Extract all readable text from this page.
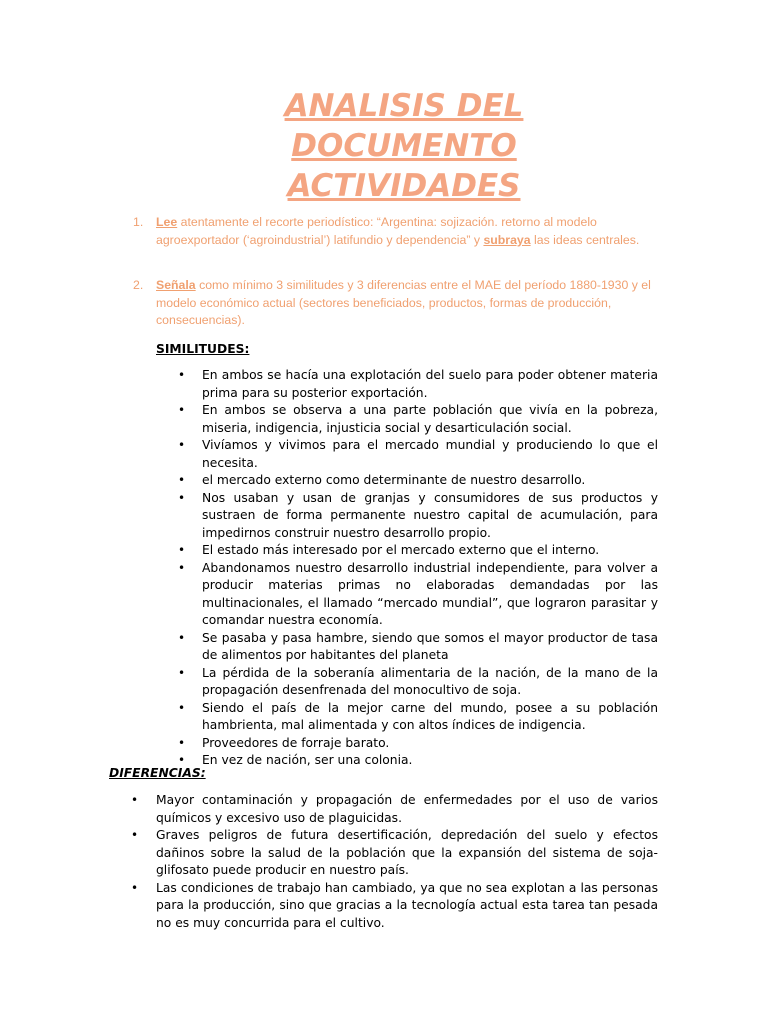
ANALISIS DEL
DOCUMENTO
ACTIVIDADES
1.	Lee atentamente el recorte periodístico: “Argentina: sojización. retorno al modelo agroexportador (‘agroindustrial’) latifundio y dependencia” y subraya las ideas centrales.
2.	Señala como mínimo 3 similitudes y 3 diferencias entre el MAE del período 1880-1930 y el modelo económico actual (sectores beneficiados, productos, formas de producción, consecuencias).
SIMILITUDES:
• En ambos se hacía una explotación del suelo para poder obtener materia prima para su posterior exportación.
• En ambos se observa a una parte población que vivía en la pobreza, miseria, indigencia, injusticia social y desarticulación social.
• Vivíamos y vivimos para el mercado mundial y produciendo lo que el necesita.
• el mercado externo como determinante de nuestro desarrollo.
• Nos usaban y usan de granjas y consumidores de sus productos y sustraen de forma permanente nuestro capital de acumulación, para impedirnos construir nuestro desarrollo propio.
• El estado más interesado por el mercado externo que el interno.
• Abandonamos nuestro desarrollo industrial independiente, para volver a producir materias primas no elaboradas demandadas por las multinacionales, el llamado “mercado mundial”, que lograron parasitar y comandar nuestra economía.
• Se pasaba y pasa hambre, siendo que somos el mayor productor de tasa de alimentos por habitantes del planeta
• La pérdida de la soberanía alimentaria de la nación, de la mano de la propagación desenfrenada del monocultivo de soja.
• Siendo el país de la mejor carne del mundo, posee a su población hambrienta, mal alimentada y con altos índices de indigencia.
• Proveedores de forraje barato.
• En vez de nación, ser una colonia.
DIFERENCIAS:
• Mayor contaminación y propagación de enfermedades por el uso de varios químicos y excesivo uso de plaguicidas.
• Graves peligros de futura desertificación, depredación del suelo y efectos dañinos sobre la salud de la población que la expansión del sistema de soja-glifosato puede producir en nuestro país.
• Las condiciones de trabajo han cambiado, ya que no sea explotan a las personas para la producción, sino que gracias a la tecnología actual esta tarea tan pesada no es muy concurrida para el cultivo.
